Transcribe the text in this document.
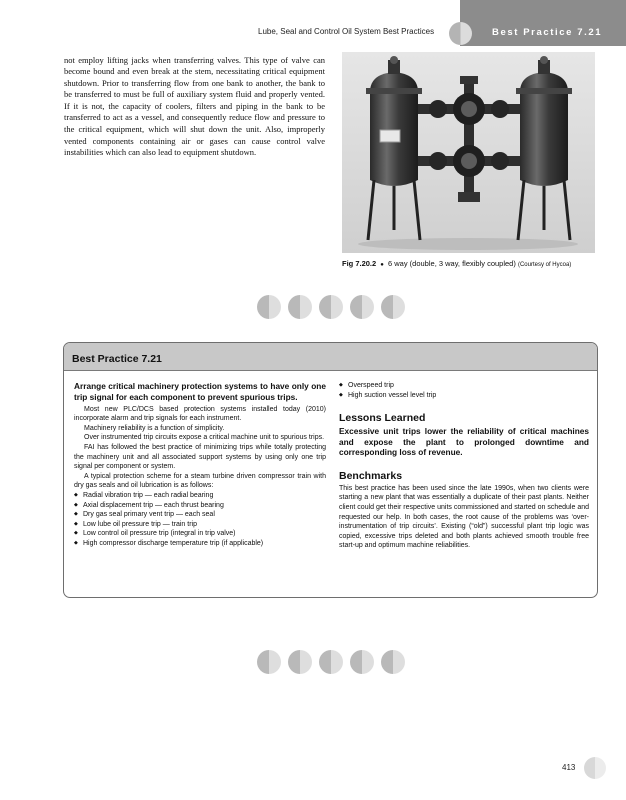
Lube, Seal and Control Oil System Best Practices	Best Practice 7.21

not employ lifting jacks when transferring valves. This type of valve can become bound and even break at the stem, necessitating critical equipment shutdown. Prior to transferring flow from one bank to another, the bank to be transferred to must be full of auxiliary system fluid and properly vented. If it is not, the capacity of coolers, filters and piping in the bank to be transferred to act as a vessel, and consequently reduce flow and pressure to the critical equipment, which will shut down the unit. Also, improperly vented components containing air or gases can cause control valve instabilities which can also lead to equipment shutdown.

Fig 7.20.2 ● 6 way (double, 3 way, flexibly coupled) (Courtesy of Hycoa)
Best Practice 7.21

Arrange critical machinery protection systems to have only one trip signal for each component to prevent spurious trips.

Most new PLC/DCS based protection systems installed today (2010) incorporate alarm and trip signals for each instrument.

Machinery reliability is a function of simplicity.

Over instrumented trip circuits expose a critical machine unit to spurious trips.

FAI has followed the best practice of minimizing trips while totally protecting the machinery unit and all associated support systems by using only one trip signal per component or system.

A typical protection scheme for a steam turbine driven compressor train with dry gas seals and oil lubrication is as follows:

◆ Radial vibration trip — each radial bearing
◆ Axial displacement trip — each thrust bearing
◆ Dry gas seal primary vent trip — each seal
◆ Low lube oil pressure trip — train trip
◆ Low control oil pressure trip (integral in trip valve)
◆ High compressor discharge temperature trip (if applicable)
◆ Overspeed trip
◆ High suction vessel level trip
Lessons Learned

Excessive unit trips lower the reliability of critical machines and expose the plant to prolonged downtime and corresponding loss of revenue.

Benchmarks

This best practice has been used since the late 1990s, when two clients were starting a new plant that was essentially a duplicate of their past plants. Neither client could get their respective units commissioned and started on schedule and requested our help. In both cases, the root cause of the problems was ‘over-instrumentation of trip circuits’. Existing (“old”) successful plant trip logic was copied, excessive trips deleted and both plants achieved smooth trouble free start-up and optimum machine reliabilities.

413
